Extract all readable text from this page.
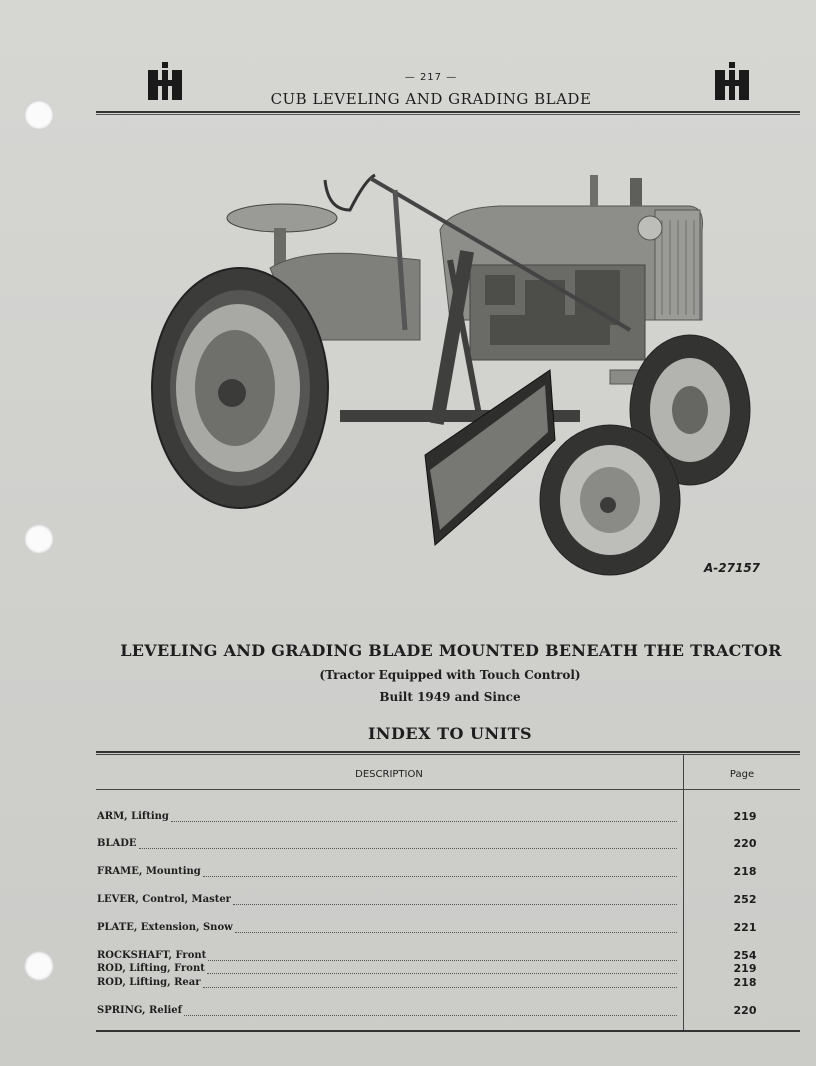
— 217 —
CUB LEVELING AND GRADING BLADE
A-27157
LEVELING AND GRADING BLADE MOUNTED BENEATH THE TRACTOR
(Tractor Equipped with Touch Control)
Built 1949 and Since
INDEX TO UNITS
DESCRIPTION	Page
ARM, Lifting	219
BLADE	220
FRAME, Mounting	218
LEVER, Control, Master	252
PLATE, Extension, Snow	221
ROCKSHAFT, Front	254
ROD, Lifting, Front	219
ROD, Lifting, Rear	218
SPRING, Relief	220
